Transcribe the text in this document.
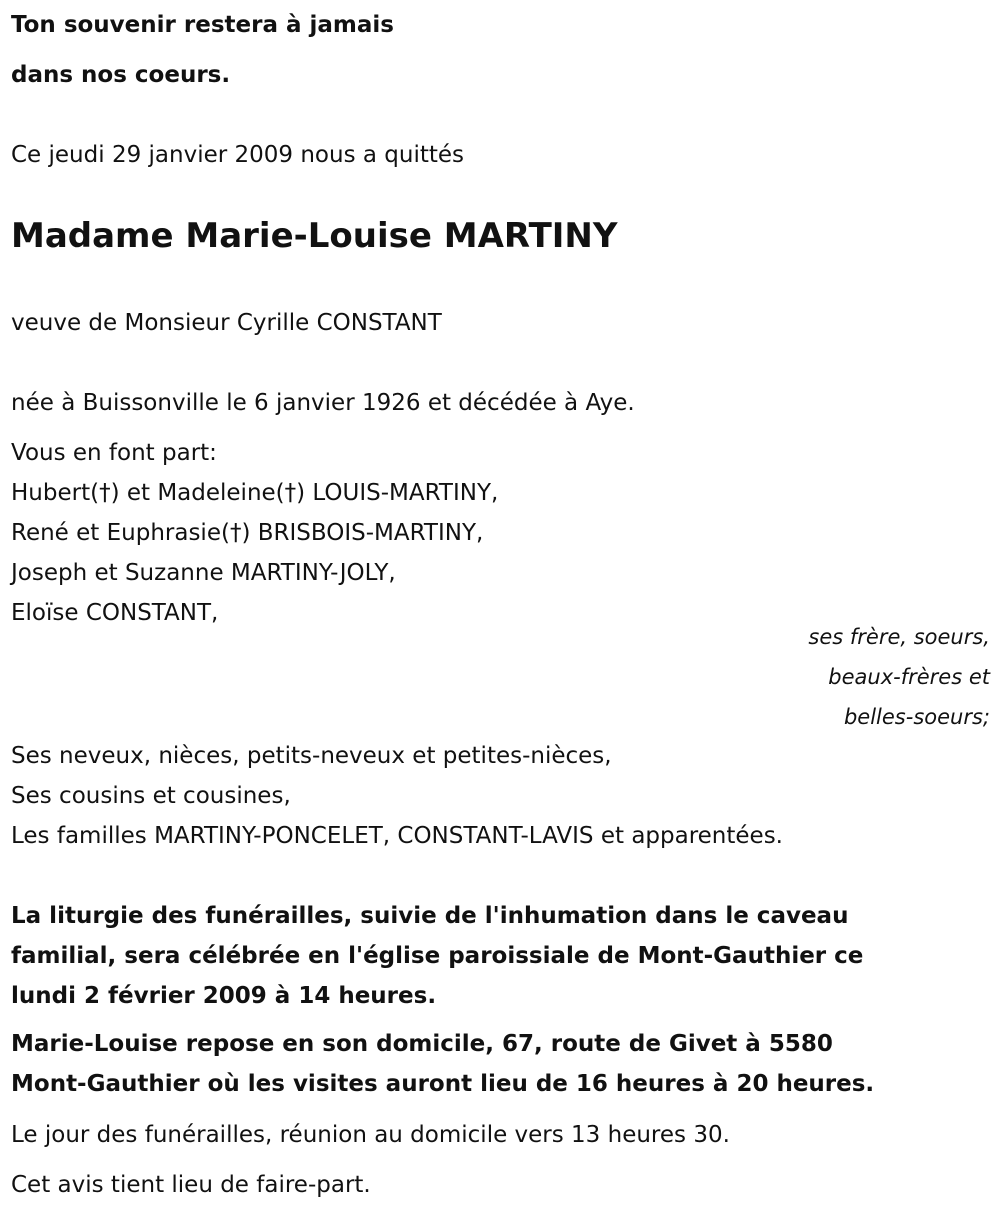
Ton souvenir restera à jamais
dans nos coeurs.
Ce jeudi 29 janvier 2009 nous a quittés
Madame Marie-Louise MARTINY
veuve de Monsieur Cyrille CONSTANT
née à Buissonville le 6 janvier 1926 et décédée à Aye.
Vous en font part:
Hubert(†) et Madeleine(†) LOUIS-MARTINY,
René et Euphrasie(†) BRISBOIS-MARTINY,
Joseph et Suzanne MARTINY-JOLY,
Eloïse CONSTANT,
ses frère, soeurs,
beaux-frères et
belles-soeurs;
Ses neveux, nièces, petits-neveux et petites-nièces,
Ses cousins et cousines,
Les familles MARTINY-PONCELET, CONSTANT-LAVIS et apparentées.
La liturgie des funérailles, suivie de l'inhumation dans le caveau
familial, sera célébrée en l'église paroissiale de Mont-Gauthier ce
lundi 2 février 2009 à 14 heures.
Marie-Louise repose en son domicile, 67, route de Givet à 5580
Mont-Gauthier où les visites auront lieu de 16 heures à 20 heures.
Le jour des funérailles, réunion au domicile vers 13 heures 30.
Cet avis tient lieu de faire-part.
